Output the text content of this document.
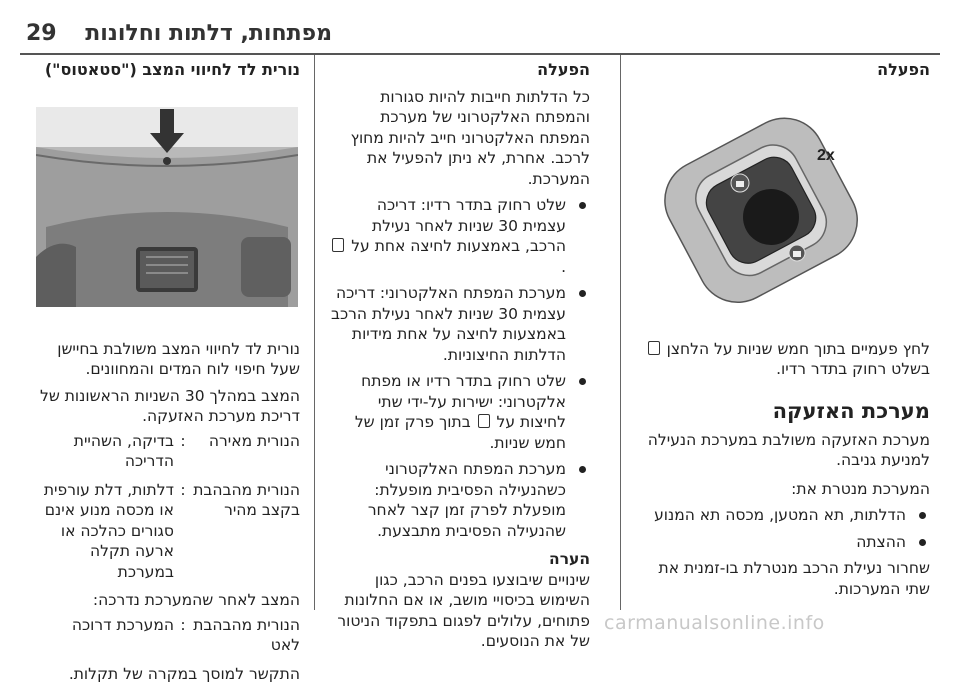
29 מפתחות, דלתות וחלונות

הפעלה

לחץ פעמיים בתוך חמש שניות על הלחצן  בשלט רחוק בתדר רדיו.

מערכת האזעקה

מערכת האזעקה משולבת במערכת הנעילה למניעת גניבה.

המערכת מנטרת את:

הדלתות, תא המטען, מכסה תא המנוע
ההצתה

שחרור נעילת הרכב מנטרלת בו-זמנית את שתי המערכות.

2x

הפעלה

כל הדלתות חייבות להיות סגורות והמפתח האלקטרוני של מערכת המפתח האלקטרוני חייב להיות מחוץ לרכב. אחרת, לא ניתן להפעיל את המערכת.

שלט רחוק בתדר רדיו: דריכה עצמית 30 שניות לאחר נעילת הרכב, באמצעות לחיצה אחת על .
מערכת המפתח האלקטרוני: דריכה עצמית 30 שניות לאחר נעילת הרכב באמצעות לחיצה על אחת מידיות הדלתות החיצוניות.
שלט רחוק בתדר רדיו או מפתח אלקטרוני: ישירות על-ידי שתי לחיצות על  בתוך פרק זמן של חמש שניות.
מערכת המפתח האלקטרוני כשהנעילה הפסיבית מופעלת: מופעלת לפרק זמן קצר לאחר שהנעילה הפסיבית מתבצעת.

הערה

שינויים שיבוצעו בפנים הרכב, כגון השימוש בכיסויי מושב, או אם החלונות פתוחים, עלולים לפגום בתפקוד הניטור של את הנוסעים.

נורית לד לחיווי המצב ("סטאטוס")

נורית לד לחיווי המצב משולבת בחיישן שעל חיפוי לוח המדים והמחוונים.

המצב במהלך 30 השניות הראשונות של דריכת מערכת האזעקה.

הנורית מאירה
:
בדיקה, השהיית הדריכה
הנורית מהבהבת בקצב מהיר
:
דלתות, דלת עורפית או מכסה מנוע אינם סגורים כהלכה או ארעה תקלה במערכת

המצב לאחר שהמערכת נדרכה:

הנורית מהבהבת לאט
:
המערכת דרוכה

התקשר למוסך במקרה של תקלות.

carmanualsonline.info
